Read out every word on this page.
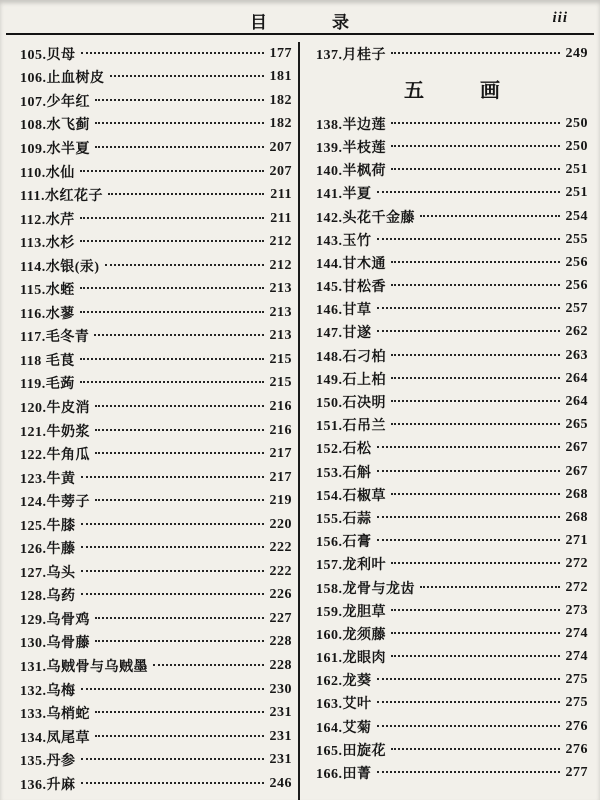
目	录	iii
105.贝母	177
106.止血树皮	181
107.少年红	182
108.水飞蓟	182
109.水半夏	207
110.水仙	207
111.水红花子	211
112.水芹	211
113.水杉	212
114.水银(汞)	212
115.水蛭	213
116.水蓼	213
117.毛冬青	213
118 毛茛	215
119.毛蒟	215
120.牛皮消	216
121.牛奶浆	216
122.牛角瓜	217
123.牛黄	217
124.牛蒡子	219
125.牛膝	220
126.牛藤	222
127.乌头	222
128.乌药	226
129.乌骨鸡	227
130.乌骨藤	228
131.乌贼骨与乌贼墨	228
132.乌梅	230
133.乌梢蛇	231
134.凤尾草	231
135.丹参	231
136.升麻	246
137.月桂子	249
五	画
138.半边莲	250
139.半枝莲	250
140.半枫荷	251
141.半夏	251
142.头花千金藤	254
143.玉竹	255
144.甘木通	256
145.甘松香	256
146.甘草	257
147.甘遂	262
148.石刁柏	263
149.石上柏	264
150.石决明	264
151.石吊兰	265
152.石松	267
153.石斛	267
154.石椒草	268
155.石蒜	268
156.石膏	271
157.龙利叶	272
158.龙骨与龙齿	272
159.龙胆草	273
160.龙须藤	274
161.龙眼肉	274
162.龙葵	275
163.艾叶	275
164.艾菊	276
165.田旋花	276
166.田菁	277
